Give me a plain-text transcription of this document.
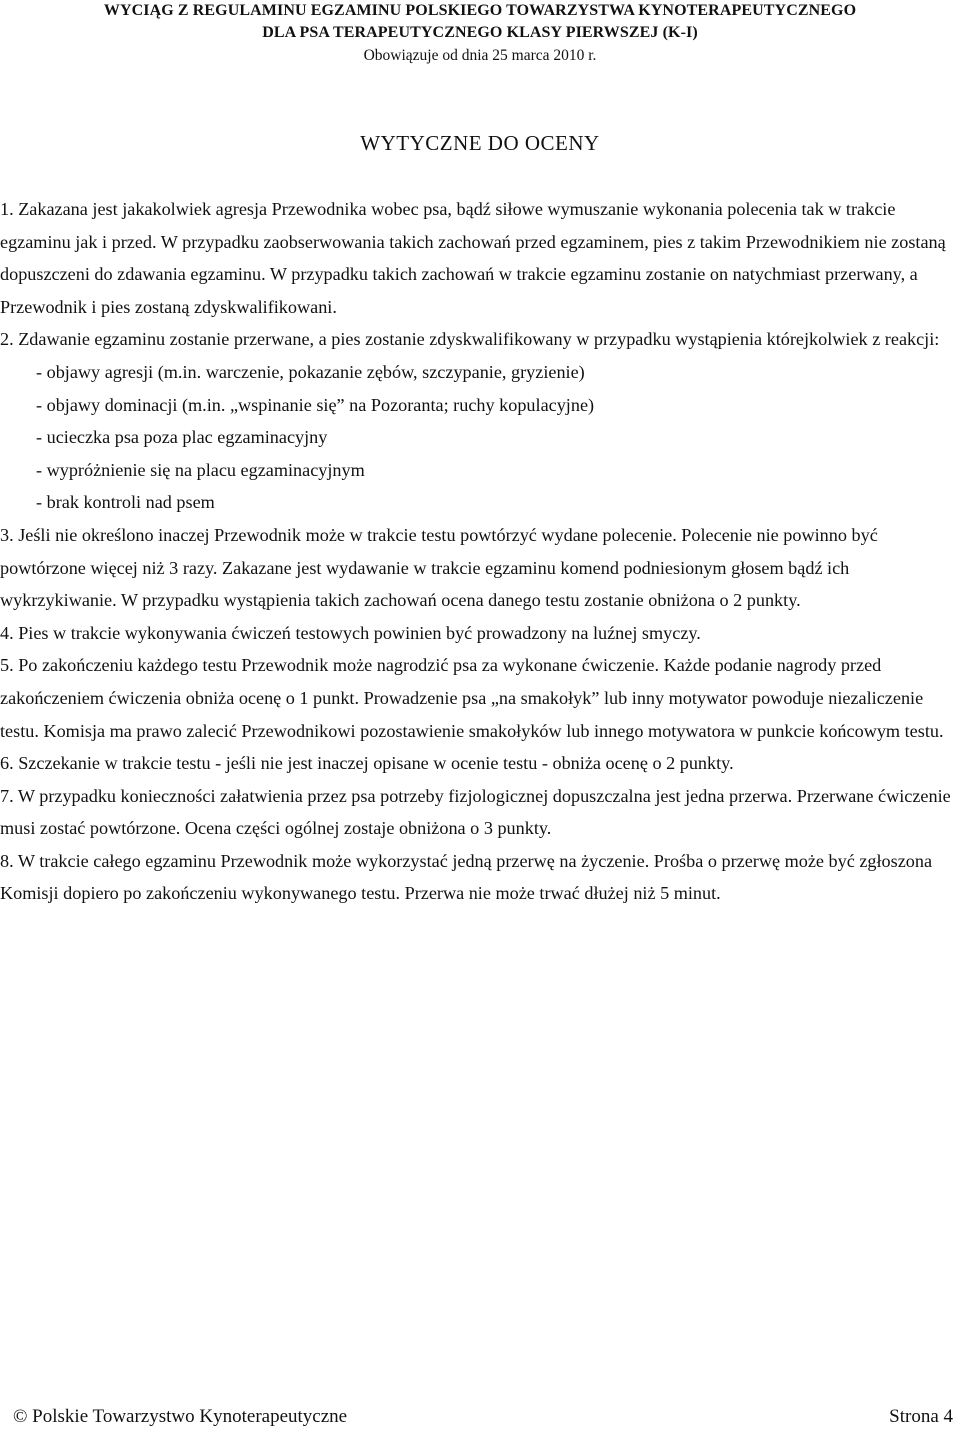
WYCIĄG Z REGULAMINU EGZAMINU POLSKIEGO TOWARZYSTWA KYNOTERAPEUTYCZNEGO
DLA PSA TERAPEUTYCZNEGO KLASY PIERWSZEJ (K-I)
Obowiązuje od dnia 25 marca 2010 r.
WYTYCZNE DO OCENY

1. Zakazana jest jakakolwiek agresja Przewodnika wobec psa, bądź siłowe wymuszanie wykonania polecenia tak w trakcie egzaminu jak i przed. W przypadku zaobserwowania takich zachowań przed egzaminem, pies z takim Przewodnikiem nie zostaną dopuszczeni do zdawania egzaminu. W przypadku takich zachowań w trakcie egzaminu zostanie on natychmiast przerwany, a Przewodnik i pies zostaną zdyskwalifikowani.

2. Zdawanie egzaminu zostanie przerwane, a pies zostanie zdyskwalifikowany w przypadku wystąpienia którejkolwiek z reakcji:

- objawy agresji (m.in. warczenie, pokazanie zębów, szczypanie, gryzienie)
- objawy dominacji (m.in. „wspinanie się” na Pozoranta; ruchy kopulacyjne)
- ucieczka psa poza plac egzaminacyjny
- wypróżnienie się na placu egzaminacyjnym
- brak kontroli nad psem

3. Jeśli nie określono inaczej Przewodnik może w trakcie testu powtórzyć wydane polecenie. Polecenie nie powinno być powtórzone więcej niż 3 razy. Zakazane jest wydawanie w trakcie egzaminu komend podniesionym głosem bądź ich wykrzykiwanie. W przypadku wystąpienia takich zachowań ocena danego testu zostanie obniżona o 2 punkty.

4. Pies w trakcie wykonywania ćwiczeń testowych powinien być prowadzony na luźnej smyczy.

5. Po zakończeniu każdego testu Przewodnik może nagrodzić psa za wykonane ćwiczenie. Każde podanie nagrody przed zakończeniem ćwiczenia obniża ocenę o 1 punkt. Prowadzenie psa „na smakołyk” lub inny motywator powoduje niezaliczenie testu. Komisja ma prawo zalecić Przewodnikowi pozostawienie smakołyków lub innego motywatora w punkcie końcowym testu.

6. Szczekanie w trakcie testu - jeśli nie jest inaczej opisane w ocenie testu - obniża ocenę o 2 punkty.

7. W przypadku konieczności załatwienia przez psa potrzeby fizjologicznej dopuszczalna jest jedna przerwa. Przerwane ćwiczenie musi zostać powtórzone. Ocena części ogólnej zostaje obniżona o 3 punkty.

8. W trakcie całego egzaminu Przewodnik może wykorzystać jedną przerwę na życzenie. Prośba o przerwę może być zgłoszona Komisji dopiero po zakończeniu wykonywanego testu. Przerwa nie może trwać dłużej niż 5 minut.

© Polskie Towarzystwo Kynoterapeutyczne	Strona 4
